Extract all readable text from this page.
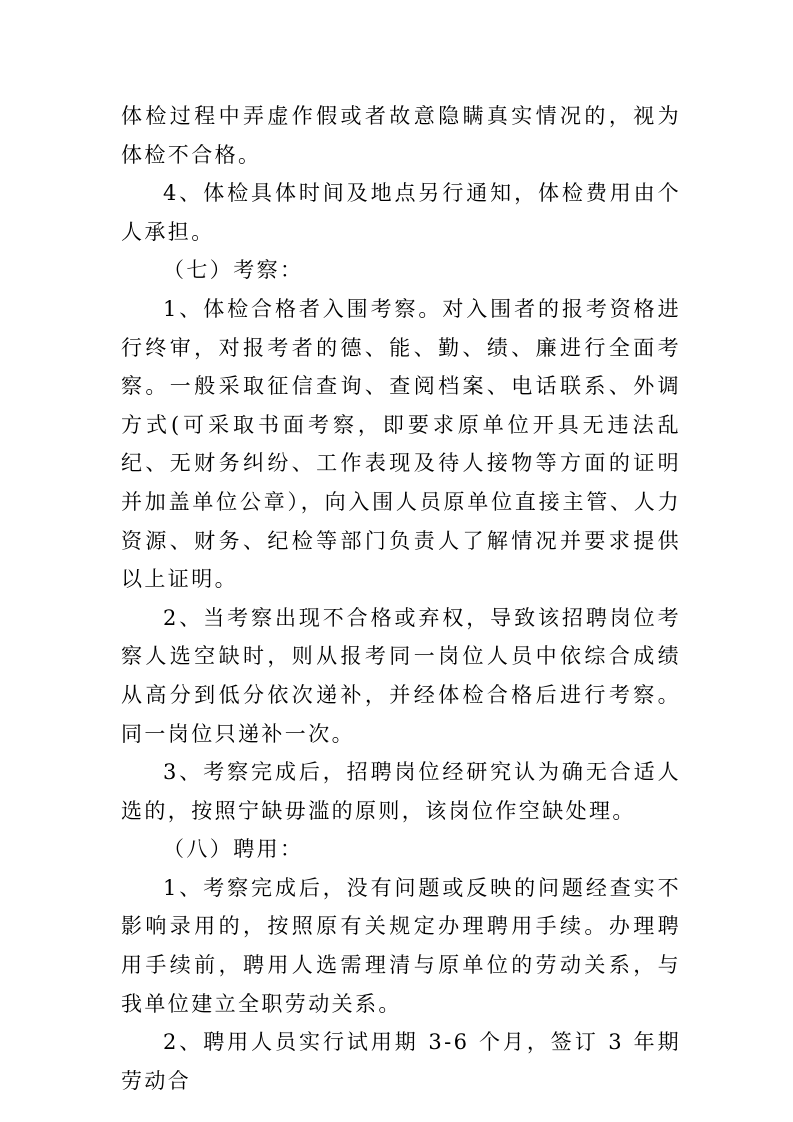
体检过程中弄虚作假或者故意隐瞒真实情况的，视为体检不合格。

4、体检具体时间及地点另行通知，体检费用由个人承担。

（七）考察：

1、体检合格者入围考察。对入围者的报考资格进行终审，对报考者的德、能、勤、绩、廉进行全面考察。一般采取征信查询、查阅档案、电话联系、外调方式(可采取书面考察，即要求原单位开具无违法乱纪、无财务纠纷、工作表现及待人接物等方面的证明并加盖单位公章），向入围人员原单位直接主管、人力资源、财务、纪检等部门负责人了解情况并要求提供以上证明。

2、当考察出现不合格或弃权，导致该招聘岗位考察人选空缺时，则从报考同一岗位人员中依综合成绩从高分到低分依次递补，并经体检合格后进行考察。同一岗位只递补一次。

3、考察完成后，招聘岗位经研究认为确无合适人选的，按照宁缺毋滥的原则，该岗位作空缺处理。

（八）聘用：

1、考察完成后，没有问题或反映的问题经查实不影响录用的，按照原有关规定办理聘用手续。办理聘用手续前，聘用人选需理清与原单位的劳动关系，与我单位建立全职劳动关系。

2、聘用人员实行试用期 3-6 个月，签订 3 年期劳动合
